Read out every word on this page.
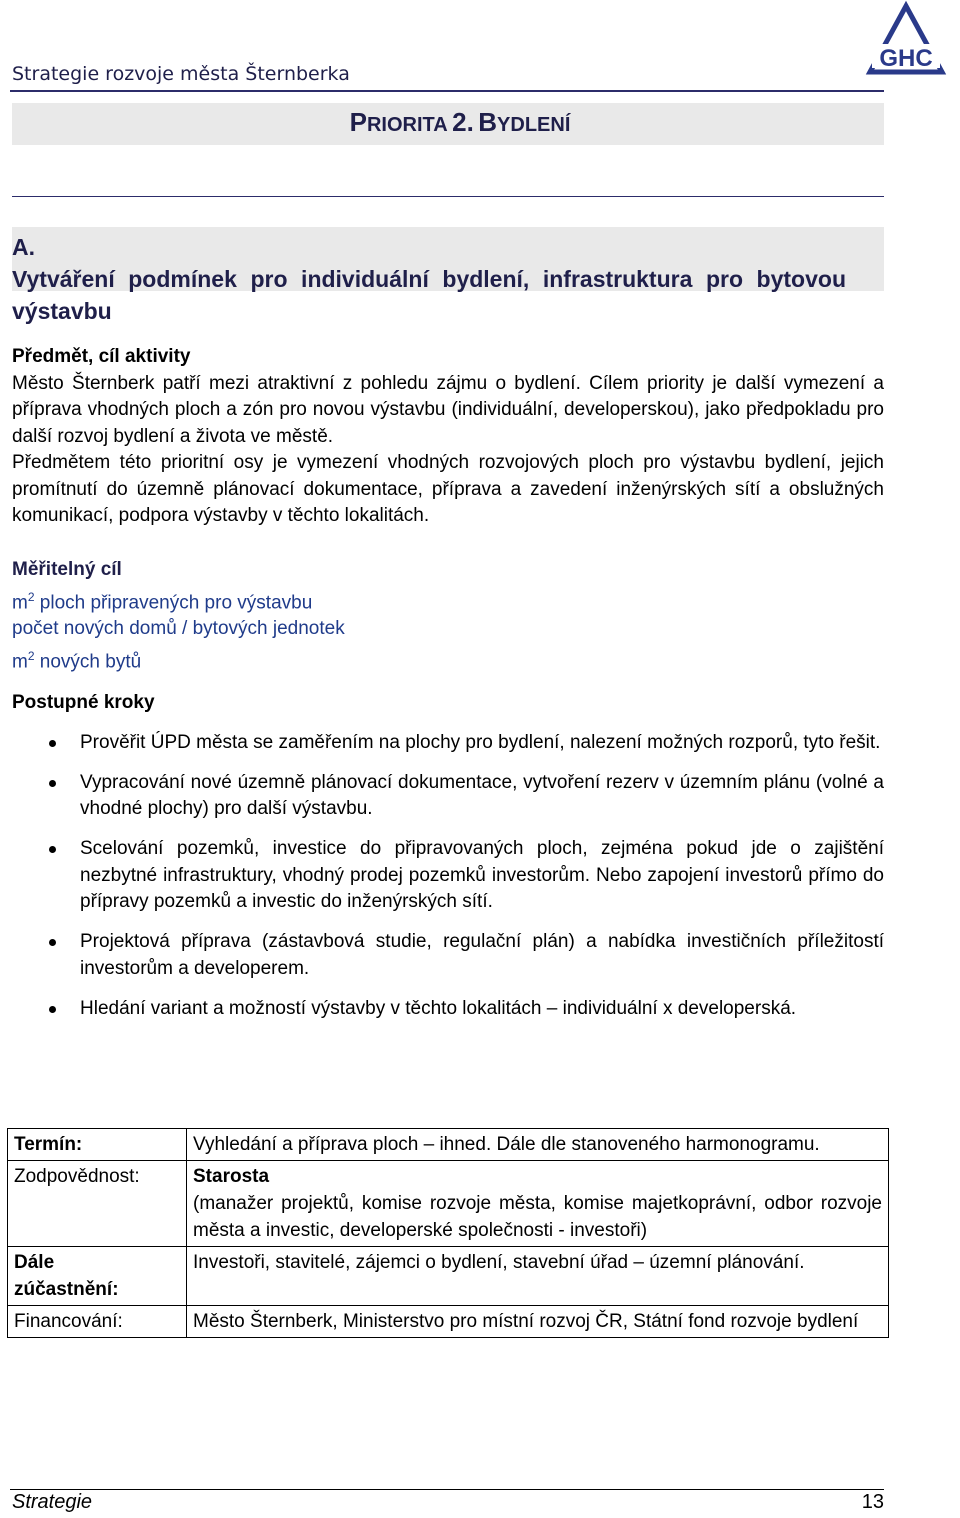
Strategie rozvoje města Šternberka
GHC
PRIORITA 2. BYDLENÍ
A.Vytváření podmínek pro individuální bydlení, infrastruktura pro bytovou výstavbu
Předmět, cíl aktivity
Město Šternberk patří mezi atraktivní z pohledu zájmu o bydlení. Cílem priority je další vymezení a příprava vhodných ploch a zón pro novou výstavbu (individuální, developerskou), jako předpokladu pro další rozvoj bydlení a života ve městě.
Předmětem této prioritní osy je vymezení vhodných rozvojových ploch pro výstavbu bydlení, jejich promítnutí do územně plánovací dokumentace, příprava a zavedení inženýrských sítí a obslužných komunikací, podpora výstavby v těchto lokalitách.
Měřitelný cíl
$m^2$ ploch připravených pro výstavbu
počet nových domů / bytových jednotek
$m^2$ nových bytů
Postupné kroky
Prověřit ÚPD města se zaměřením na plochy pro bydlení, nalezení možných rozporů, tyto řešit.
Vypracování nové územně plánovací dokumentace, vytvoření rezerv v územním plánu (volné a vhodné plochy) pro další výstavbu.
Scelování pozemků, investice do připravovaných ploch, zejména pokud jde o zajištění nezbytné infrastruktury, vhodný prodej pozemků investorům. Nebo zapojení investorů přímo do přípravy pozemků a investic do inženýrských sítí.
Projektová příprava (zástavbová studie, regulační plán) a nabídka investičních příležitostí investorům a developerem.
Hledání variant a možností výstavby v těchto lokalitách – individuální x developerská.
Termín:	Vyhledání a příprava ploch – ihned. Dále dle stanoveného harmonogramu.
Zodpovědnost:	Starosta
(manažer projektů, komise rozvoje města, komise majetkoprávní, odbor rozvoje města a investic, developerské společnosti - investoři)

Dále
zúčastnění:	Investoři, stavitelé, zájemci o bydlení, stavební úřad – územní plánování.
Financování:	Město Šternberk, Ministerstvo pro místní rozvoj ČR, Státní fond rozvoje bydlení
Strategie	13
